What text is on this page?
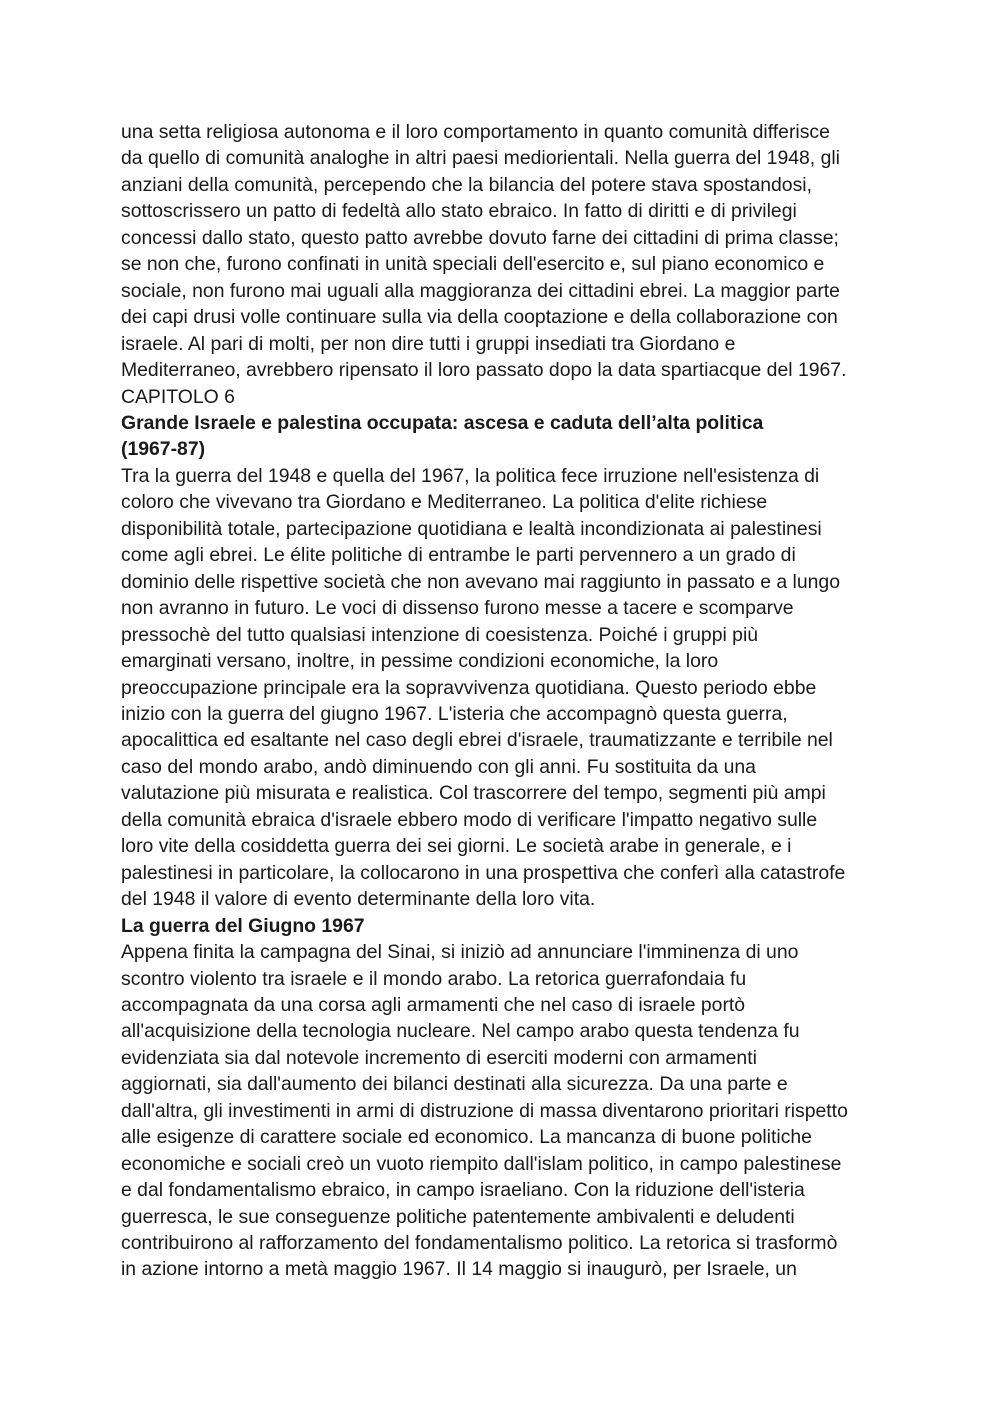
una setta religiosa autonoma e il loro comportamento in quanto comunità differisce
da quello di comunità analoghe in altri paesi mediorientali. Nella guerra del 1948, gli
anziani della comunità, percependo che la bilancia del potere stava spostandosi,
sottoscrissero un patto di fedeltà allo stato ebraico. In fatto di diritti e di privilegi
concessi dallo stato, questo patto avrebbe dovuto farne dei cittadini di prima classe;
se non che, furono confinati in unità speciali dell'esercito e, sul piano economico e
sociale, non furono mai uguali alla maggioranza dei cittadini ebrei. La maggior parte
dei capi drusi volle continuare sulla via della cooptazione e della collaborazione con
israele. Al pari di molti, per non dire tutti i gruppi insediati tra Giordano e
Mediterraneo, avrebbero ripensato il loro passato dopo la data spartiacque del 1967.

CAPITOLO 6

Grande Israele e palestina occupata: ascesa e caduta dell’alta politica
(1967-87)

Tra la guerra del 1948 e quella del 1967, la politica fece irruzione nell'esistenza di
coloro che vivevano tra Giordano e Mediterraneo. La politica d'elite richiese
disponibilità totale, partecipazione quotidiana e lealtà incondizionata ai palestinesi
come agli ebrei. Le élite politiche di entrambe le parti pervennero a un grado di
dominio delle rispettive società che non avevano mai raggiunto in passato e a lungo
non avranno in futuro. Le voci di dissenso furono messe a tacere e scomparve
pressochè del tutto qualsiasi intenzione di coesistenza. Poiché i gruppi più
emarginati versano, inoltre, in pessime condizioni economiche, la loro
preoccupazione principale era la sopravvivenza quotidiana. Questo periodo ebbe
inizio con la guerra del giugno 1967. L'isteria che accompagnò questa guerra,
apocalittica ed esaltante nel caso degli ebrei d'israele, traumatizzante e terribile nel
caso del mondo arabo, andò diminuendo con gli anni. Fu sostituita da una
valutazione più misurata e realistica. Col trascorrere del tempo, segmenti più ampi
della comunità ebraica d'israele ebbero modo di verificare l'impatto negativo sulle
loro vite della cosiddetta guerra dei sei giorni. Le società arabe in generale, e i
palestinesi in particolare, la collocarono in una prospettiva che conferì alla catastrofe
del 1948 il valore di evento determinante della loro vita.

La guerra del Giugno 1967

Appena finita la campagna del Sinai, si iniziò ad annunciare l'imminenza di uno
scontro violento tra israele e il mondo arabo. La retorica guerrafondaia fu
accompagnata da una corsa agli armamenti che nel caso di israele portò
all'acquisizione della tecnologia nucleare. Nel campo arabo questa tendenza fu
evidenziata sia dal notevole incremento di eserciti moderni con armamenti
aggiornati, sia dall'aumento dei bilanci destinati alla sicurezza. Da una parte e
dall'altra, gli investimenti in armi di distruzione di massa diventarono prioritari rispetto
alle esigenze di carattere sociale ed economico. La mancanza di buone politiche
economiche e sociali creò un vuoto riempito dall'islam politico, in campo palestinese
e dal fondamentalismo ebraico, in campo israeliano. Con la riduzione dell'isteria
guerresca, le sue conseguenze politiche patentemente ambivalenti e deludenti
contribuirono al rafforzamento del fondamentalismo politico. La retorica si trasformò
in azione intorno a metà maggio 1967. Il 14 maggio si inaugurò, per Israele, un
